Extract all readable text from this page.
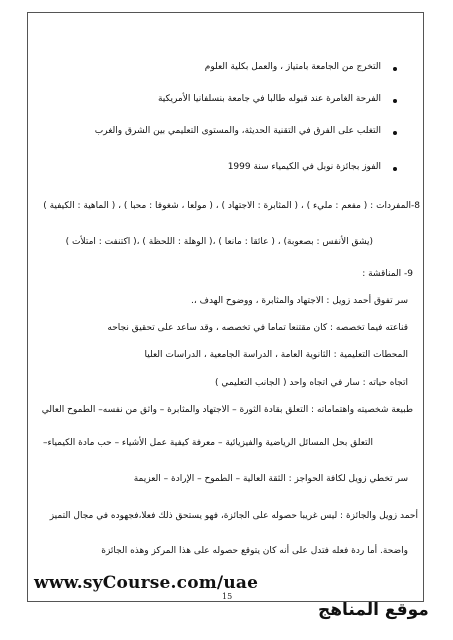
التخرج من الجامعة بامتياز ، والعمل بكلية العلوم
الفرحة الغامرة عند قبوله طالبا في جامعة بنسلفانيا الأمريكية
التغلب على الفرق في التقنية الحديثة، والمستوى التعليمي بين الشرق والغرب
الفوز بجائزة نوبل في الكيمياء سنة 1999
8-المفردات : ( مفعم : مليء ) ، ( المثابرة : الاجتهاد ) ، ( مولعا ، شغوفا : محبا ) ، ( الماهية : الكيفية )
(يشق الأنفس : بصعوبة) ، ( عائقا : مانعا ) ،( الوهلة : اللحظة ) ،( اكتنفت : امتلأت )
9- المناقشة :
سر تفوق أحمد زويل : الاجتهاد والمثابرة ، ووضوح الهدف ،.
قناعته فيما تخصصه : كان مقتنعا تماما في تخصصه ، وقد ساعد على تحقيق نجاحه
المحطات التعليمية : الثانوية العامة ، الدراسة الجامعية ، الدراسات العليا
اتجاه حياته : سار في اتجاه واحد ( الجانب التعليمي )
طبيعة شخصيته واهتماماته : التعلق بقادة الثورة – الاجتهاد والمثابرة – واثق من نفسه– الطموح العالي
التعلق بحل المسائل الرياضية والفيزيائية – معرفة كيفية عمل الأشياء – حب مادة الكيمياء–
سر تخطي زويل لكافة الحواجز : الثقة العالية – الطموح – الإرادة – العزيمة
أحمد زويل والجائزة : ليس غريبا حصوله على الجائزة، فهو يستحق ذلك فعلا،فجهوده في مجال التميز
واضحة. أما ردة فعله فتدل على أنه كان يتوقع حصوله على هذا المركز وهذه الجائزة
www.syCourse.com/uae
15
موقع المناهج
